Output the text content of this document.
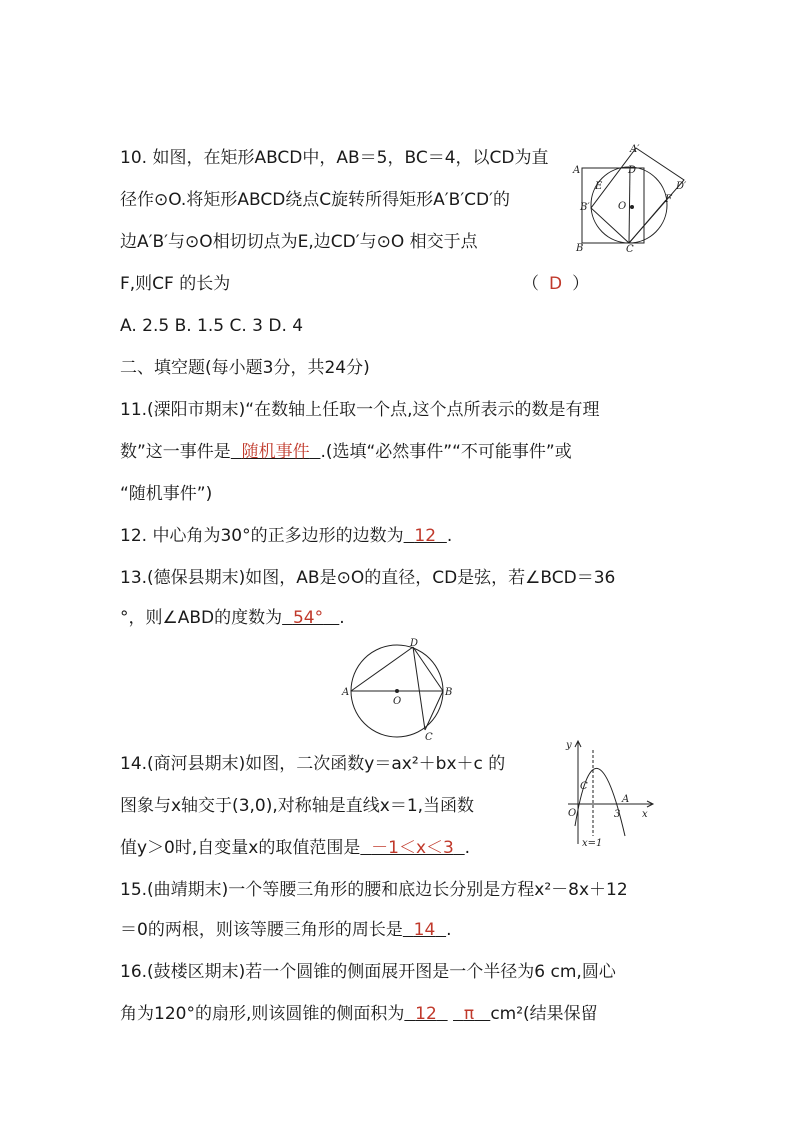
10. 如图，在矩形ABCD中，AB＝5，BC＝4，以CD为直
径作⊙O.将矩形ABCD绕点C旋转所得矩形A′B′CD′的
边A′B′与⊙O相切切点为E,边CD′与⊙O 相交于点
F,则CF 的长为	（ D ）
A. 2.5 B. 1.5 C. 3 D. 4
A′
D
D′
A
E
B′	O
F
B	C
二、填空题(每小题3分，共24分)
11.(溧阳市期末)“在数轴上任取一个点,这个点所表示的数是有理
数”这一事件是 随机事件 .(选填“必然事件”“不可能事件”或
“随机事件”)
12. 中心角为30°的正多边形的边数为 12 .
13.(德保县期末)如图，AB是⊙O的直径，CD是弦，若∠BCD＝36
°，则∠ABD的度数为 54° .
D
A	B
O
C
14.(商河县期末)如图，二次函数y＝ax²＋bx＋c 的
图象与x轴交于(3,0),对称轴是直线x＝1,当函数
值y＞0时,自变量x的取值范围是 －1＜x＜3 .
y
C
A
O	3 x
x=1
15.(曲靖期末)一个等腰三角形的腰和底边长分别是方程x²－8x＋12
＝0的两根，则该等腰三角形的周长是 14 .
16.(鼓楼区期末)若一个圆锥的侧面展开图是一个半径为6 cm,圆心
角为120°的扇形,则该圆锥的侧面积为 12 π cm²(结果保留
